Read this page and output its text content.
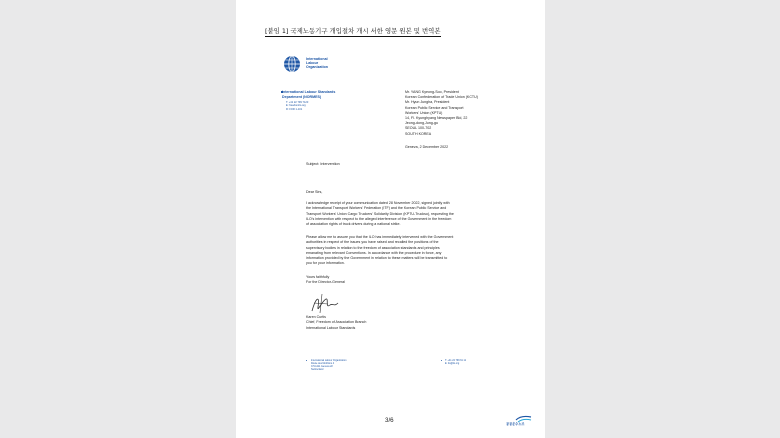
[붙임 1] 국제노동기구 개입절차 개시 서한 영문 원본 및 번역본
International
Labour
Organization
International Labour Standards
Department (NORMES)
T: +41 22 799 7123
E: freedomilo.org
R: FOR 1-101
Mr. YANG Kyeong-Soo, President
Korean Confederation of Trade Union (KCTU)
Mr. Hyun Jungha, President
Korean Public Service and Transport
Workers' Union (KPTU)
14, Fl. Kyunghyang Newspaper Bld, 22
Jeong-dong,Jung-gu
SEOUL 100-702
SOUTH KOREA
Geneva, 2 December 2022
Subject: Intervention
Dear Sirs,
I acknowledge receipt of your communication dated 28 November 2022, signed jointly with
the International Transport Workers' Federation (ITF) and the Korean Public Service and
Transport Workers' Union Cargo Truckers' Solidarity Division (KPTU-Truckso), requesting the
ILO's intervention with respect to the alleged interference of the Government in the freedom
of association rights of truck drivers during a national strike.
Please allow me to assure you that the ILO has immediately intervened with the Government
authorities in respect of the issues you have raised and recalled the positions of the
supervisory bodies in relation to the freedom of association standards and principles
emanating from relevant Conventions. In accordance with the procedure in force, any
information provided by the Government in relation to these matters will be transmitted to
you for your information.
Yours faithfully
For the Director-General
Karen Curtis
Chief, Freedom of Association Branch
International Labour Standards
International Labour Organization
Route des Morillons 4
CH-1211 Geneva 22
Switzerland
T: +41 22 799 61 11
E: ilo@ilo.org
3/6	공공운수노조
